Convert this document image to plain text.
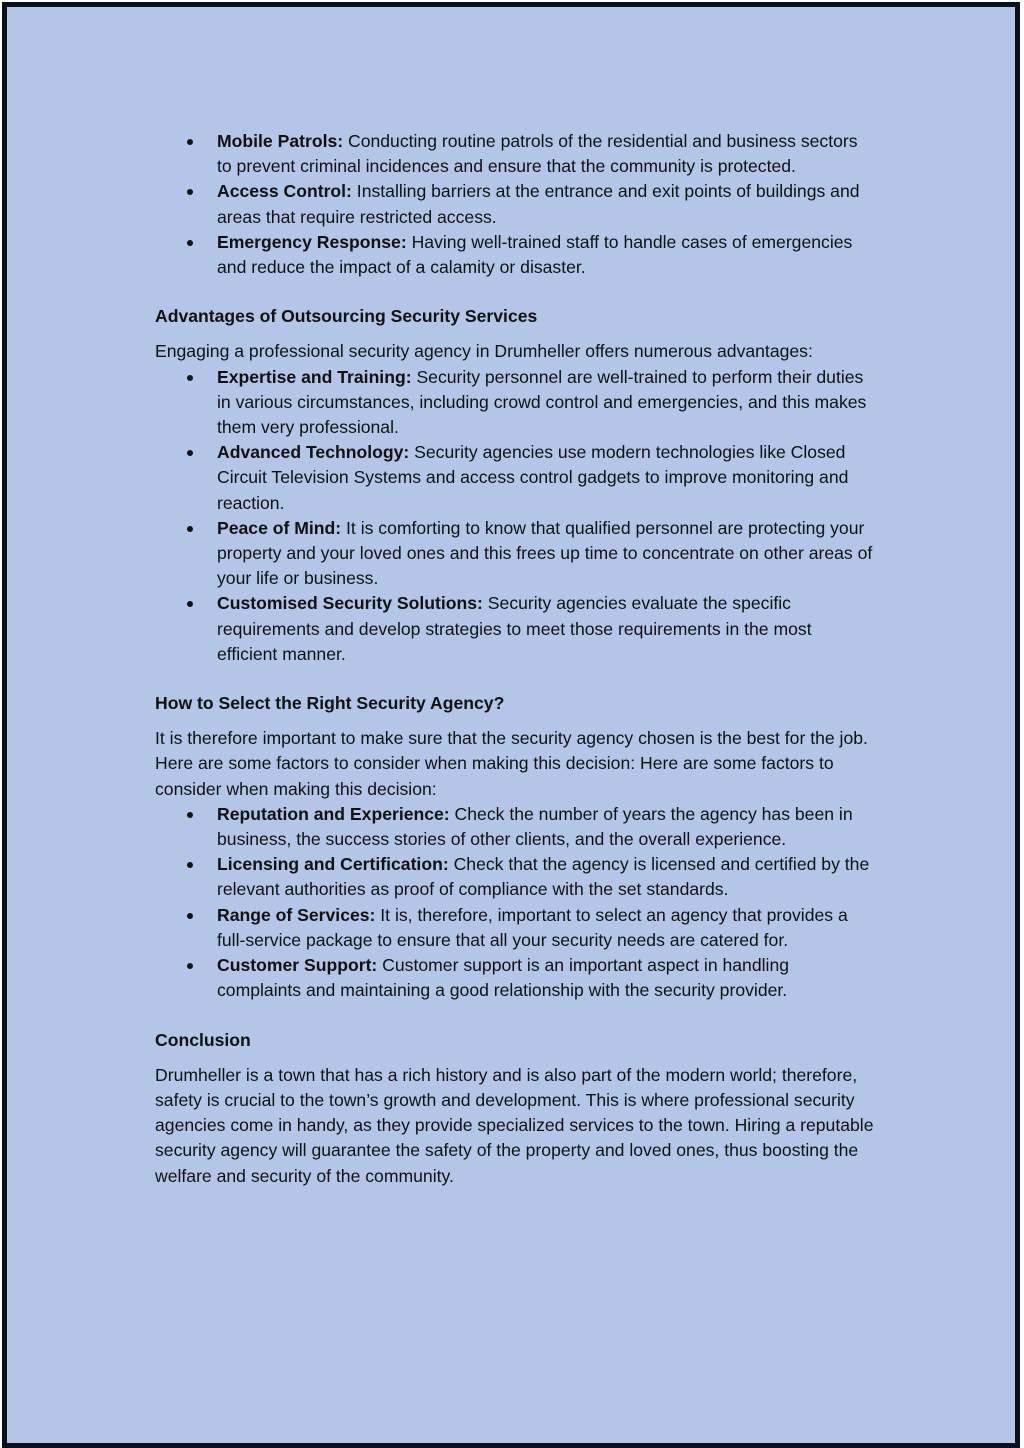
Mobile Patrols: Conducting routine patrols of the residential and business sectors to prevent criminal incidences and ensure that the community is protected.
Access Control: Installing barriers at the entrance and exit points of buildings and areas that require restricted access.
Emergency Response: Having well-trained staff to handle cases of emergencies and reduce the impact of a calamity or disaster.
Advantages of Outsourcing Security Services

Engaging a professional security agency in Drumheller offers numerous advantages:

Expertise and Training: Security personnel are well-trained to perform their duties in various circumstances, including crowd control and emergencies, and this makes them very professional.
Advanced Technology: Security agencies use modern technologies like Closed Circuit Television Systems and access control gadgets to improve monitoring and reaction.
Peace of Mind: It is comforting to know that qualified personnel are protecting your property and your loved ones and this frees up time to concentrate on other areas of your life or business.
Customised Security Solutions: Security agencies evaluate the specific requirements and develop strategies to meet those requirements in the most efficient manner.
How to Select the Right Security Agency?

It is therefore important to make sure that the security agency chosen is the best for the job. Here are some factors to consider when making this decision: Here are some factors to consider when making this decision:

Reputation and Experience: Check the number of years the agency has been in business, the success stories of other clients, and the overall experience.
Licensing and Certification: Check that the agency is licensed and certified by the relevant authorities as proof of compliance with the set standards.
Range of Services: It is, therefore, important to select an agency that provides a full-service package to ensure that all your security needs are catered for.
Customer Support: Customer support is an important aspect in handling complaints and maintaining a good relationship with the security provider.
Conclusion

Drumheller is a town that has a rich history and is also part of the modern world; therefore, safety is crucial to the town’s growth and development. This is where professional security agencies come in handy, as they provide specialized services to the town. Hiring a reputable security agency will guarantee the safety of the property and loved ones, thus boosting the welfare and security of the community.
